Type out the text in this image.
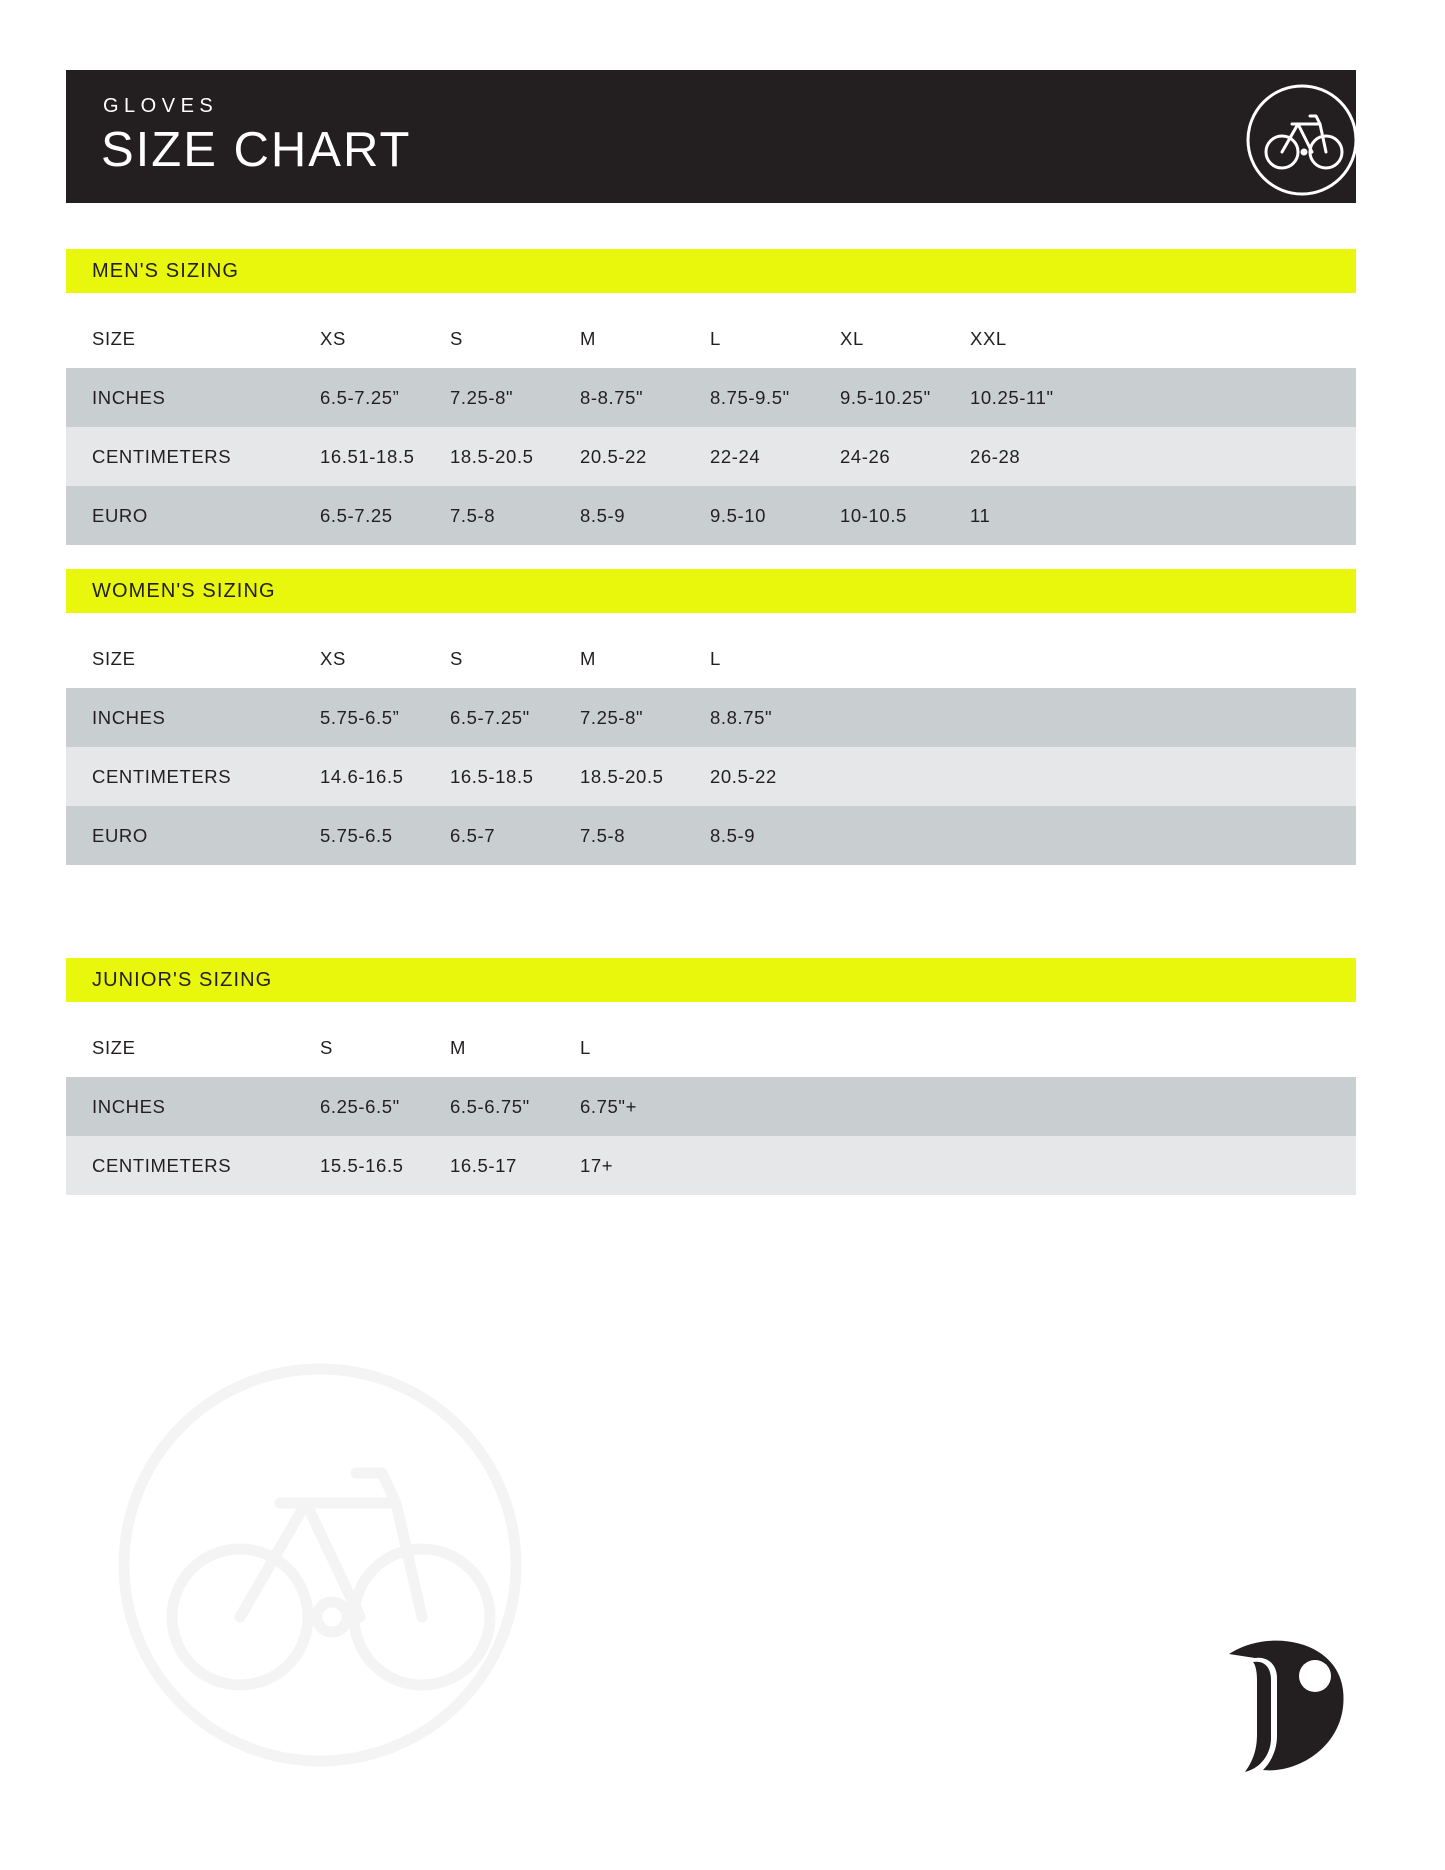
GLOVES
SIZE CHART
MEN'S SIZING
SIZE	XS	S	M	L	XL	XXL
INCHES	6.5-7.25”	7.25-8"	8-8.75"	8.75-9.5"	9.5-10.25"	10.25-11"
CENTIMETERS	16.51-18.5	18.5-20.5	20.5-22	22-24	24-26	26-28
EURO	6.5-7.25	7.5-8	8.5-9	9.5-10	10-10.5	11
WOMEN'S SIZING
SIZE	XS	S	M	L
INCHES	5.75-6.5”	6.5-7.25"	7.25-8"	8.8.75"
CENTIMETERS	14.6-16.5	16.5-18.5	18.5-20.5	20.5-22
EURO	5.75-6.5	6.5-7	7.5-8	8.5-9
JUNIOR'S SIZING
SIZE	S	M	L
INCHES	6.25-6.5"	6.5-6.75"	6.75"+
CENTIMETERS	15.5-16.5	16.5-17	17+
